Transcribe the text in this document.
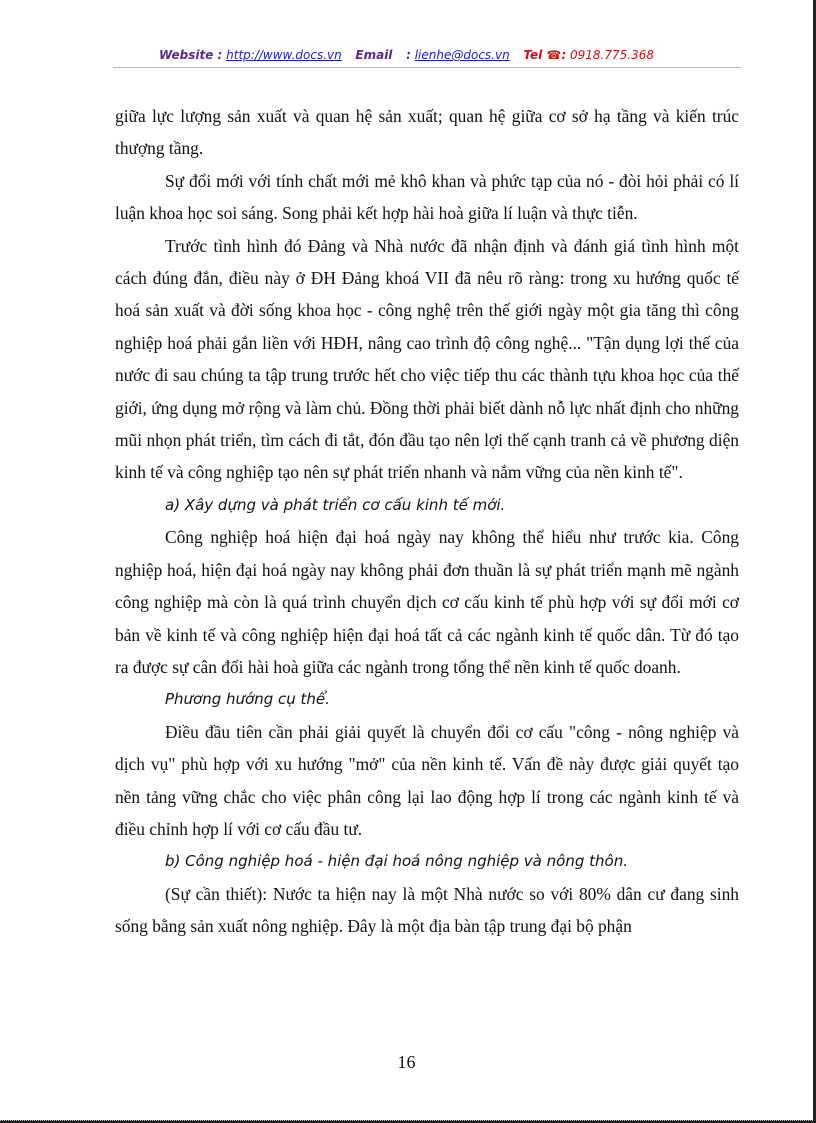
Website : http://www.docs.vn Email : lienhe@docs.vn Tel ☎: 0918.775.368

giữa lực lượng sản xuất và quan hệ sản xuất; quan hệ giữa cơ sở hạ tầng và kiến trúc thượng tầng.

Sự đổi mới với tính chất mới mẻ khô khan và phức tạp của nó - đòi hỏi phải có lí luận khoa học soi sáng. Song phải kết hợp hài hoà giữa lí luận và thực tiễn.

Trước tình hình đó Đảng và Nhà nước đã nhận định và đánh giá tình hình một cách đúng đắn, điều này ở ĐH Đảng khoá VII đã nêu rõ ràng: trong xu hướng quốc tế hoá sản xuất và đời sống khoa học - công nghệ trên thế giới ngày một gia tăng thì công nghiệp hoá phải gắn liền với HĐH, nâng cao trình độ công nghệ... "Tận dụng lợi thế của nước đi sau chúng ta tập trung trước hết cho việc tiếp thu các thành tựu khoa học của thế giới, ứng dụng mở rộng và làm chủ. Đồng thời phải biết dành nỗ lực nhất định cho những mũi nhọn phát triển, tìm cách đi tắt, đón đầu tạo nên lợi thế cạnh tranh cả về phương diện kinh tế và công nghiệp tạo nên sự phát triển nhanh và nắm vững của nền kinh tế".

a) Xây dựng và phát triển cơ cấu kinh tế mới.

Công nghiệp hoá hiện đại hoá ngày nay không thể hiểu như trước kia. Công nghiệp hoá, hiện đại hoá ngày nay không phải đơn thuần là sự phát triển mạnh mẽ ngành công nghiệp mà còn là quá trình chuyển dịch cơ cấu kinh tế phù hợp với sự đổi mới cơ bản về kinh tế và công nghiệp hiện đại hoá tất cả các ngành kinh tế quốc dân. Từ đó tạo ra được sự cân đối hài hoà giữa các ngành trong tổng thể nền kinh tế quốc doanh.

Phương hướng cụ thể.

Điều đầu tiên cần phải giải quyết là chuyển đổi cơ cấu "công - nông nghiệp và dịch vụ" phù hợp với xu hướng "mở" của nền kinh tế. Vấn đề này được giải quyết tạo nền tảng vững chắc cho việc phân công lại lao động hợp lí trong các ngành kinh tế và điều chỉnh hợp lí với cơ cấu đầu tư.

b) Công nghiệp hoá - hiện đại hoá nông nghiệp và nông thôn.

(Sự cần thiết): Nước ta hiện nay là một Nhà nước so với 80% dân cư đang sinh sống bằng sản xuất nông nghiệp. Đây là một địa bàn tập trung đại bộ phận

16
